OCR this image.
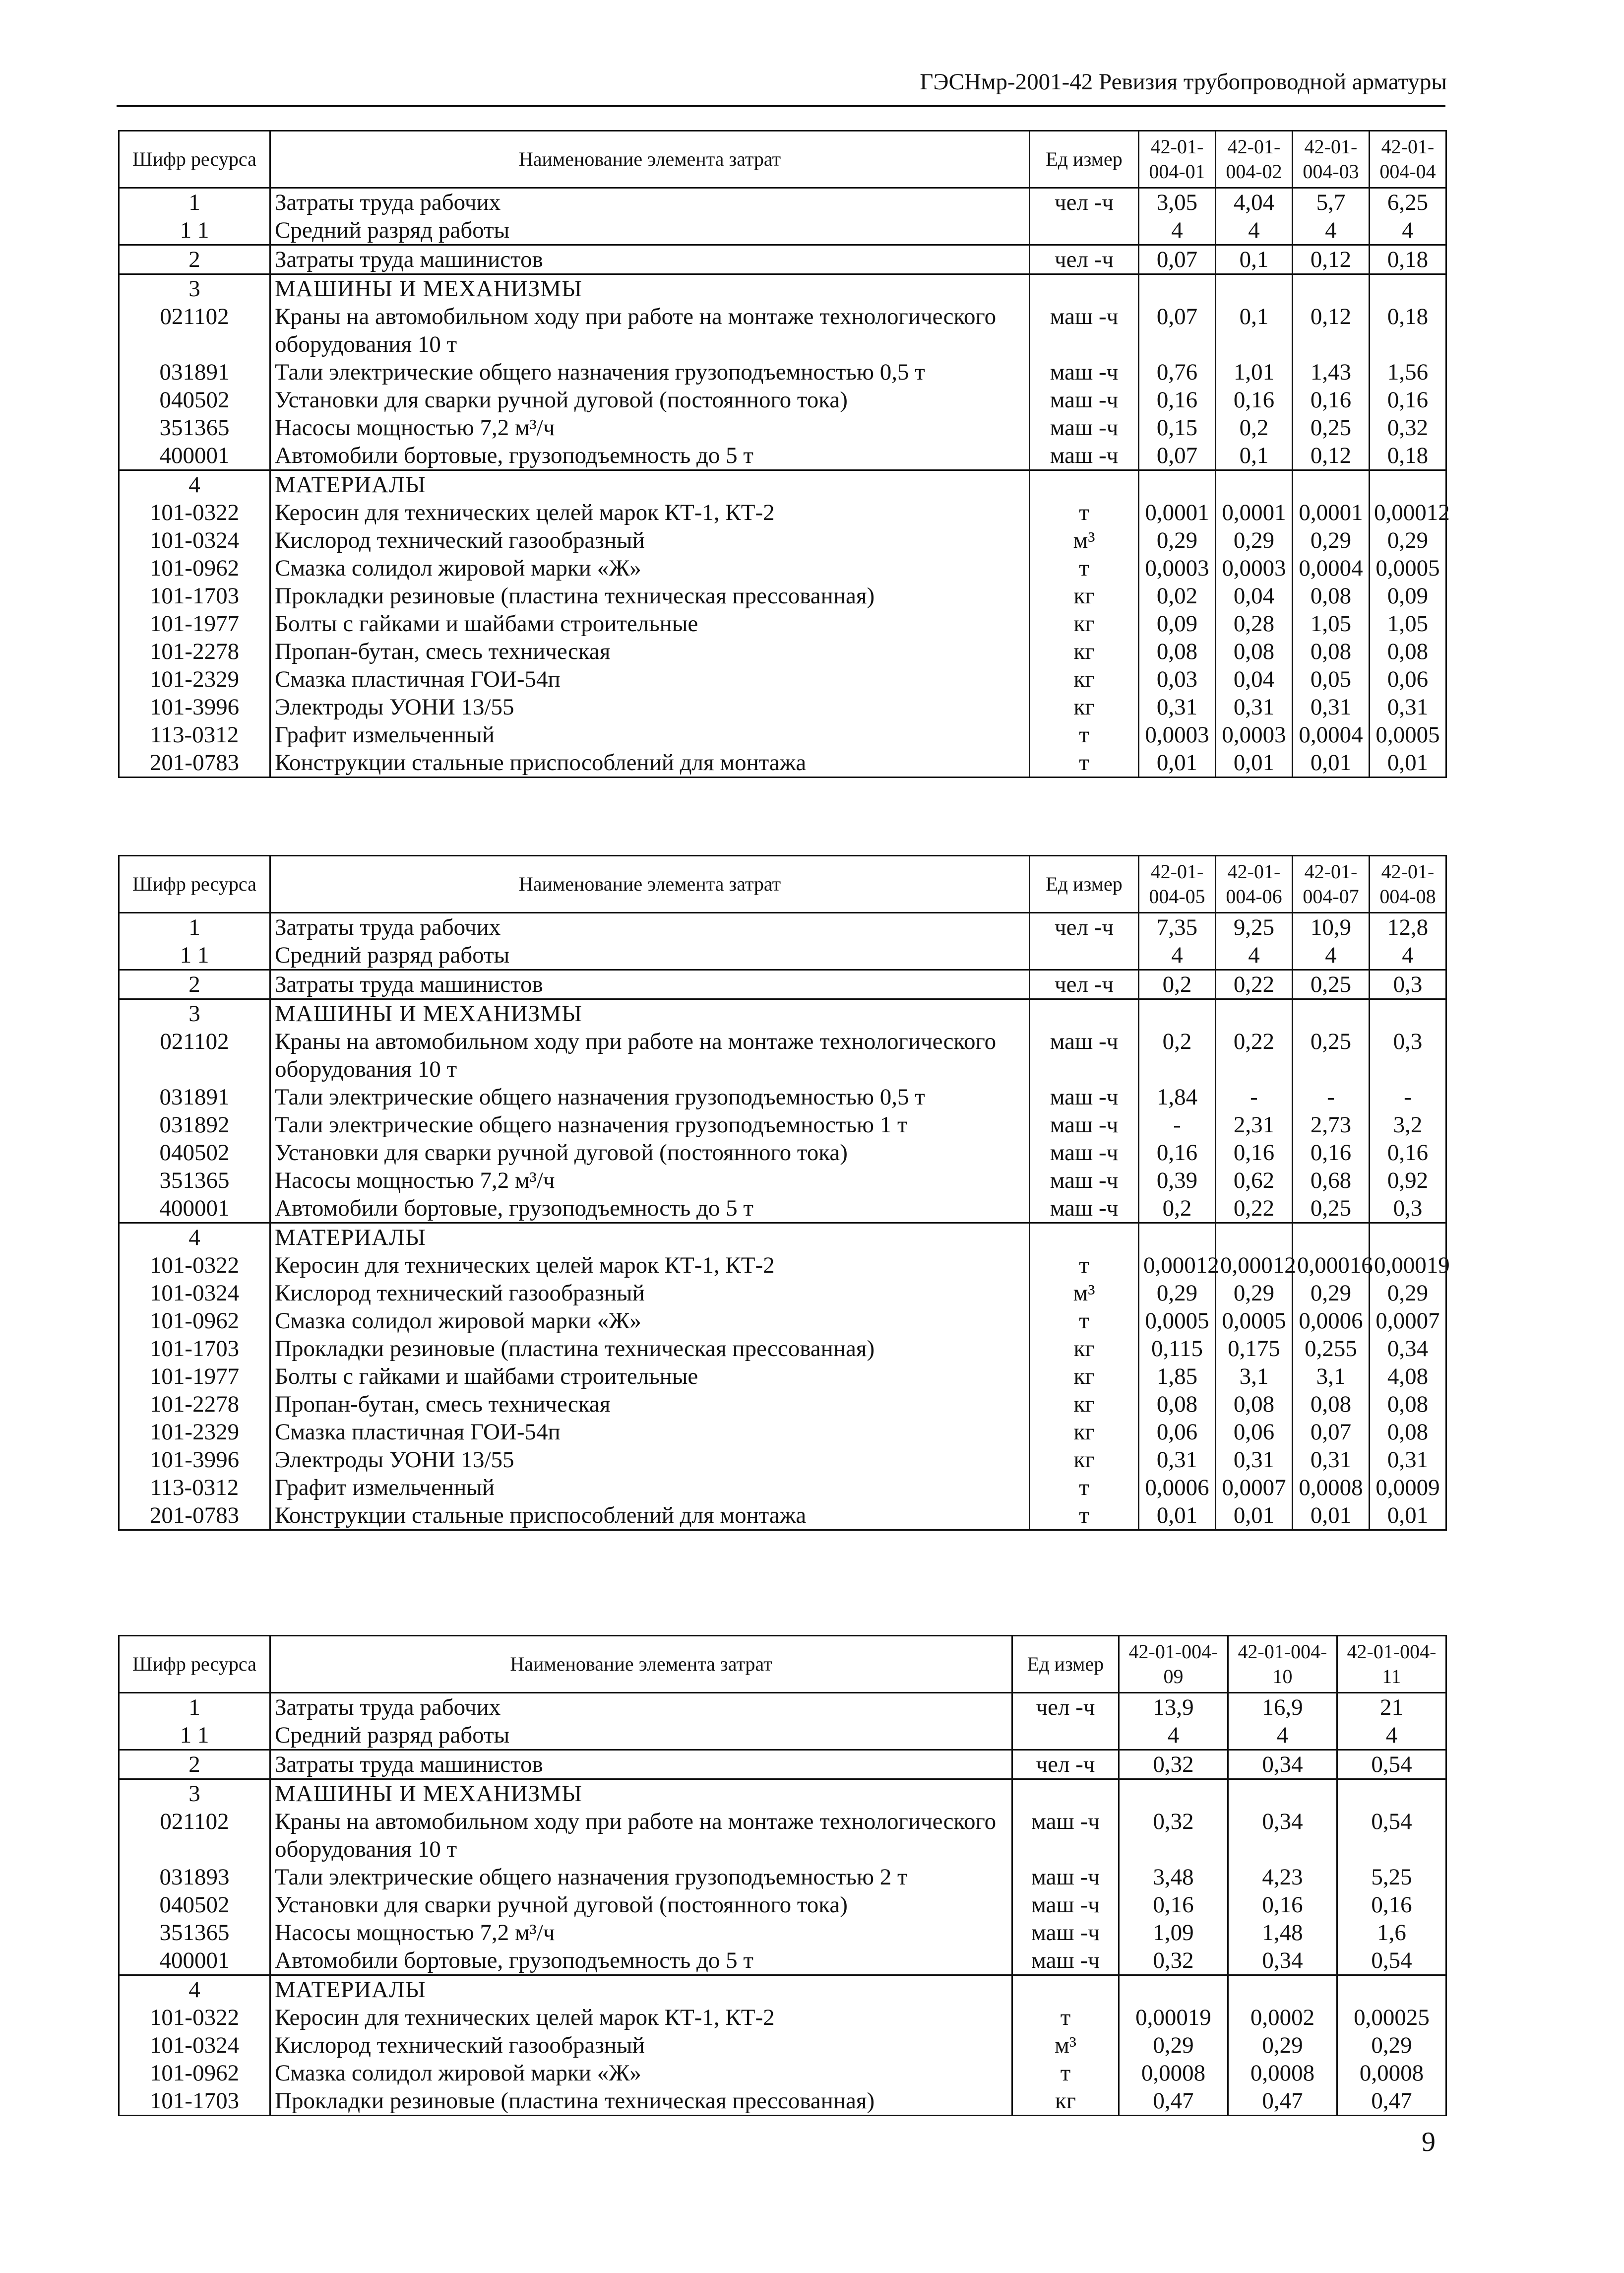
ГЭСНмр-2001-42 Ревизия трубопроводной арматуры
Шифр ресурса	Наименование элемента затрат	Ед измер	42-01-004-01	42-01-004-02	42-01-004-03	42-01-004-04
1	Затраты труда рабочих	чел -ч	3,05	4,04	5,7	6,25
1 1	Средний разряд работы		4	4	4	4
2	Затраты труда машинистов	чел -ч	0,07	0,1	0,12	0,18
3	МАШИНЫ И МЕХАНИЗМЫ					
021102	Краны на автомобильном ходу при работе на монтаже технологического оборудования 10 т	маш -ч	0,07	0,1	0,12	0,18
031891	Тали электрические общего назначения грузоподъемностью 0,5 т	маш -ч	0,76	1,01	1,43	1,56
040502	Установки для сварки ручной дуговой (постоянного тока)	маш -ч	0,16	0,16	0,16	0,16
351365	Насосы мощностью 7,2 м³/ч	маш -ч	0,15	0,2	0,25	0,32
400001	Автомобили бортовые, грузоподъемность до 5 т	маш -ч	0,07	0,1	0,12	0,18
4	МАТЕРИАЛЫ					
101-0322	Керосин для технических целей марок КТ-1, КТ-2	т	0,0001	0,0001	0,0001	0,00012
101-0324	Кислород технический газообразный	м³	0,29	0,29	0,29	0,29
101-0962	Смазка солидол жировой марки «Ж»	т	0,0003	0,0003	0,0004	0,0005
101-1703	Прокладки резиновые (пластина техническая прессованная)	кг	0,02	0,04	0,08	0,09
101-1977	Болты с гайками и шайбами строительные	кг	0,09	0,28	1,05	1,05
101-2278	Пропан-бутан, смесь техническая	кг	0,08	0,08	0,08	0,08
101-2329	Смазка пластичная ГОИ-54п	кг	0,03	0,04	0,05	0,06
101-3996	Электроды УОНИ 13/55	кг	0,31	0,31	0,31	0,31
113-0312	Графит измельченный	т	0,0003	0,0003	0,0004	0,0005
201-0783	Конструкции стальные приспособлений для монтажа	т	0,01	0,01	0,01	0,01
Шифр ресурса	Наименование элемента затрат	Ед измер	42-01-004-05	42-01-004-06	42-01-004-07	42-01-004-08
1	Затраты труда рабочих	чел -ч	7,35	9,25	10,9	12,8
1 1	Средний разряд работы		4	4	4	4
2	Затраты труда машинистов	чел -ч	0,2	0,22	0,25	0,3
3	МАШИНЫ И МЕХАНИЗМЫ					
021102	Краны на автомобильном ходу при работе на монтаже технологического оборудования 10 т	маш -ч	0,2	0,22	0,25	0,3
031891	Тали электрические общего назначения грузоподъемностью 0,5 т	маш -ч	1,84	-	-	-
031892	Тали электрические общего назначения грузоподъемностью 1 т	маш -ч	-	2,31	2,73	3,2
040502	Установки для сварки ручной дуговой (постоянного тока)	маш -ч	0,16	0,16	0,16	0,16
351365	Насосы мощностью 7,2 м³/ч	маш -ч	0,39	0,62	0,68	0,92
400001	Автомобили бортовые, грузоподъемность до 5 т	маш -ч	0,2	0,22	0,25	0,3
4	МАТЕРИАЛЫ					
101-0322	Керосин для технических целей марок КТ-1, КТ-2	т	0,00012	0,00012	0,00016	0,00019
101-0324	Кислород технический газообразный	м³	0,29	0,29	0,29	0,29
101-0962	Смазка солидол жировой марки «Ж»	т	0,0005	0,0005	0,0006	0,0007
101-1703	Прокладки резиновые (пластина техническая прессованная)	кг	0,115	0,175	0,255	0,34
101-1977	Болты с гайками и шайбами строительные	кг	1,85	3,1	3,1	4,08
101-2278	Пропан-бутан, смесь техническая	кг	0,08	0,08	0,08	0,08
101-2329	Смазка пластичная ГОИ-54п	кг	0,06	0,06	0,07	0,08
101-3996	Электроды УОНИ 13/55	кг	0,31	0,31	0,31	0,31
113-0312	Графит измельченный	т	0,0006	0,0007	0,0008	0,0009
201-0783	Конструкции стальные приспособлений для монтажа	т	0,01	0,01	0,01	0,01
Шифр ресурса	Наименование элемента затрат	Ед измер	42-01-004-09	42-01-004-10	42-01-004-11
1	Затраты труда рабочих	чел -ч	13,9	16,9	21
1 1	Средний разряд работы		4	4	4
2	Затраты труда машинистов	чел -ч	0,32	0,34	0,54
3	МАШИНЫ И МЕХАНИЗМЫ				
021102	Краны на автомобильном ходу при работе на монтаже технологического оборудования 10 т	маш -ч	0,32	0,34	0,54
031893	Тали электрические общего назначения грузоподъемностью 2 т	маш -ч	3,48	4,23	5,25
040502	Установки для сварки ручной дуговой (постоянного тока)	маш -ч	0,16	0,16	0,16
351365	Насосы мощностью 7,2 м³/ч	маш -ч	1,09	1,48	1,6
400001	Автомобили бортовые, грузоподъемность до 5 т	маш -ч	0,32	0,34	0,54
4	МАТЕРИАЛЫ				
101-0322	Керосин для технических целей марок КТ-1, КТ-2	т	0,00019	0,0002	0,00025
101-0324	Кислород технический газообразный	м³	0,29	0,29	0,29
101-0962	Смазка солидол жировой марки «Ж»	т	0,0008	0,0008	0,0008
101-1703	Прокладки резиновые (пластина техническая прессованная)	кг	0,47	0,47	0,47
9
